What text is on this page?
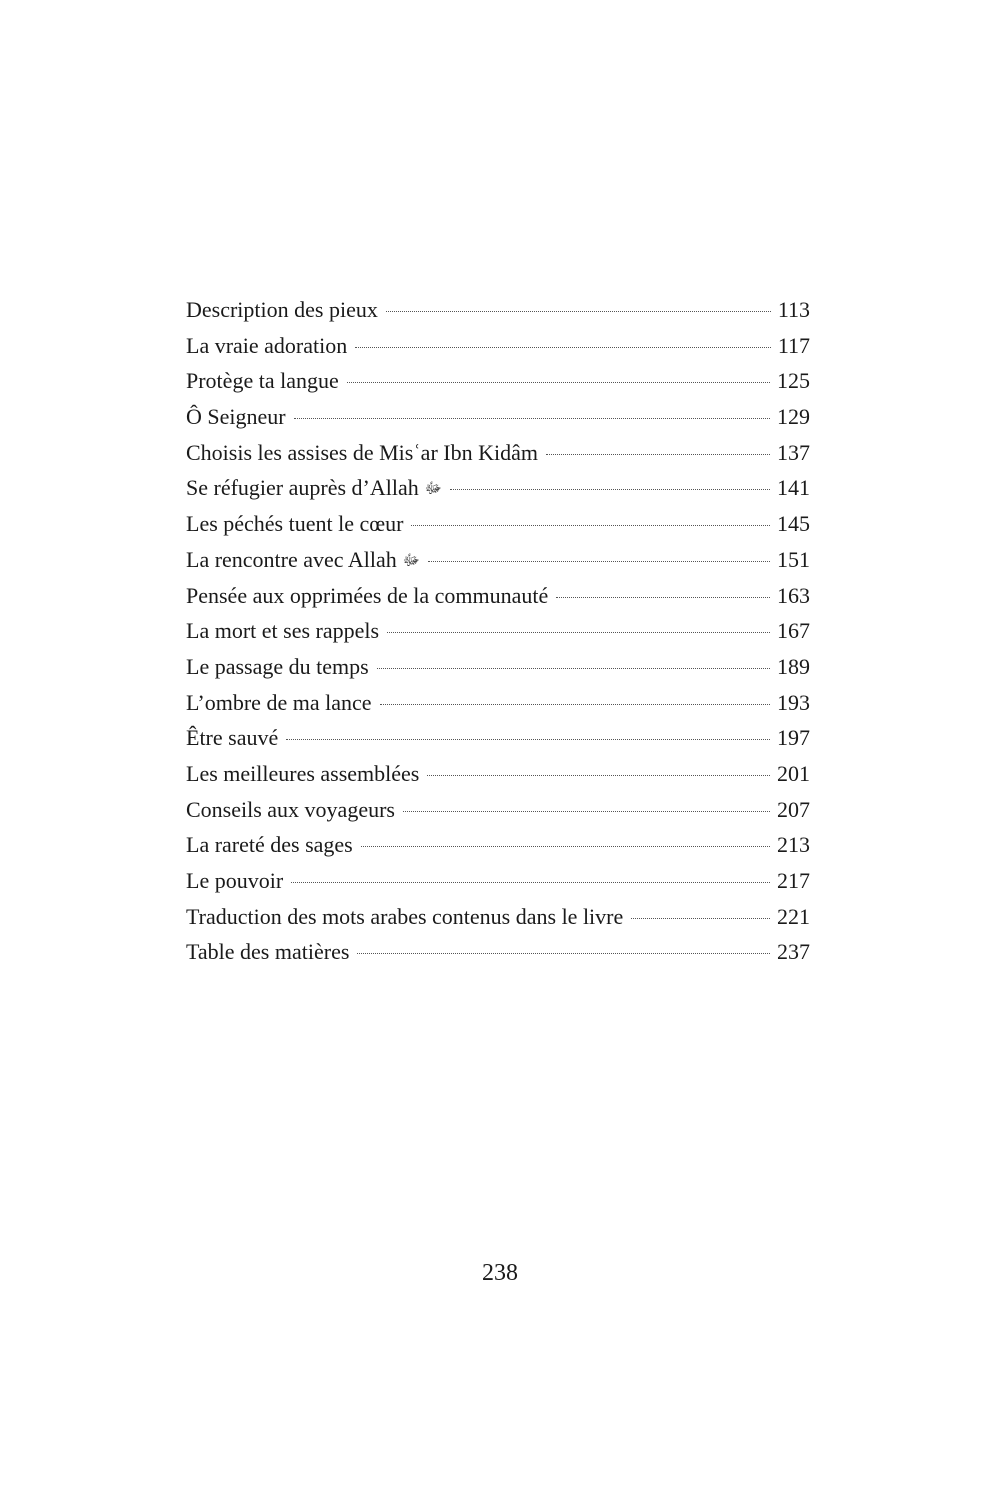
Description des pieux	113
La vraie adoration	117
Protège ta langue	125
Ô Seigneur	129
Choisis les assises de Misʿar Ibn Kidâm	137
Se réfugier auprès d’Allah ﷻ	141
Les péchés tuent le cœur	145
La rencontre avec Allah ﷻ	151
Pensée aux opprimées de la communauté	163
La mort et ses rappels	167
Le passage du temps	189
L’ombre de ma lance	193
Être sauvé	197
Les meilleures assemblées	201
Conseils aux voyageurs	207
La rareté des sages	213
Le pouvoir	217
Traduction des mots arabes contenus dans le livre	221
Table des matières	237
238
